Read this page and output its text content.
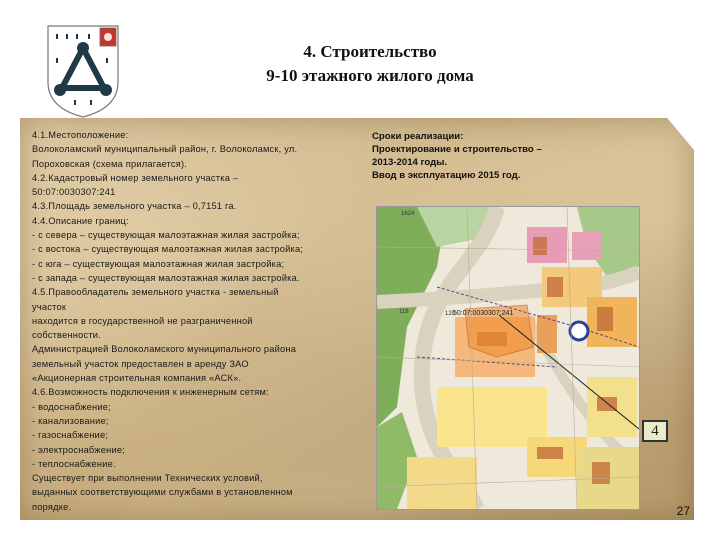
4. Строительство
9-10 этажного жилого дома

4.1.Местоположение:

Волоколамский муниципальный район, г. Волоколамск, ул.

Пороховская (схема прилагается).

4.2.Кадастровый номер земельного участка –

50:07:0030307:241

4.3.Площадь земельного участка – 0,7151 га.

4.4.Описание границ:

- с севера – существующая малоэтажная жилая застройка;

- с востока – существующая малоэтажная жилая застройка;

- с юга – существующая малоэтажная жилая застройка;

- с запада – существующая малоэтажная жилая застройка.

4.5.Правообладатель земельного участка - земельный

участок

находится в государственной не разграниченной

собственности.

Администрацией Волоколамского муниципального района

земельный участок предоставлен в аренду ЗАО

«Акционерная строительная компания «АСК».

4.6.Возможность подключения к инженерным сетям:

- водоснабжение;

- канализование;

- газоснабжение;

- электроснабжение;

- теплоснабжение.

Существует при выполнении Технических условий,

выданных соответствующими службами в установленном

порядке.

Сроки реализации:

Проектирование и строительство –

2013-2014 годы.

Ввод в эксплуатацию 2015 год.

1624
118	120
50:07:0030307:241
4
27
